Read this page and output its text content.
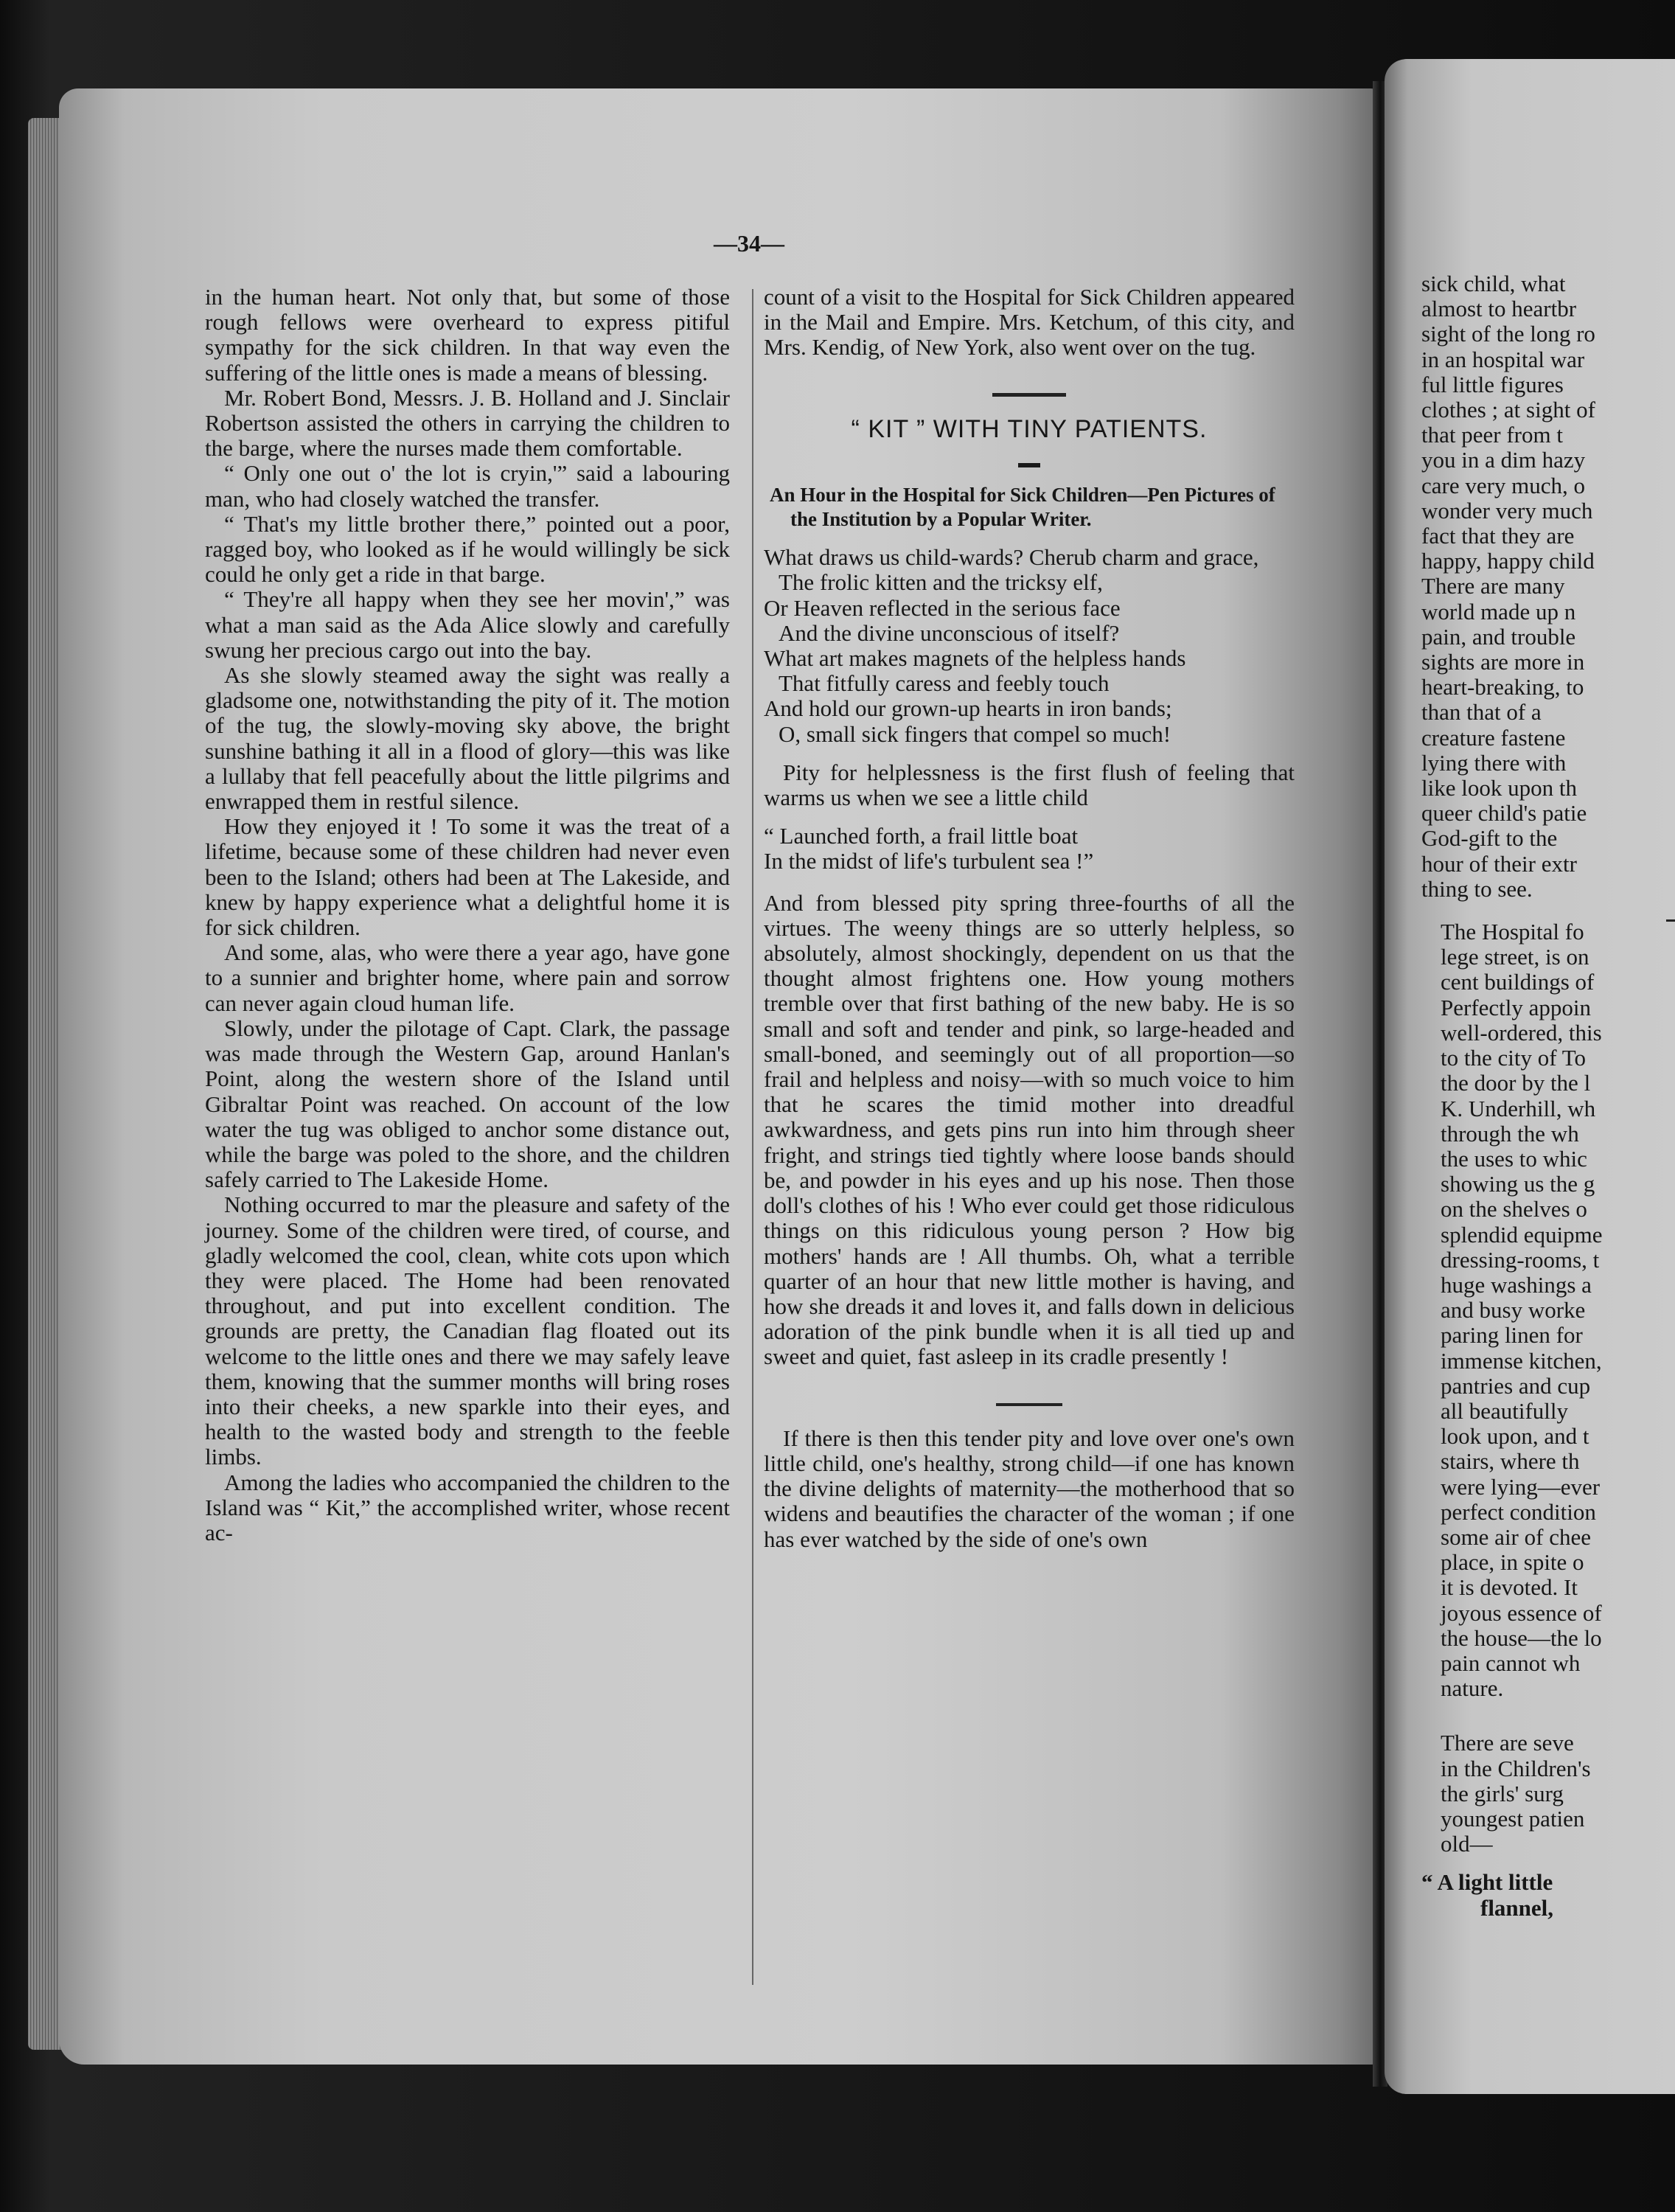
—34—

in the human heart. Not only that, but some of those rough fellows were overheard to express pitiful sympathy for the sick children. In that way even the suffering of the little ones is made a means of blessing.

Mr. Robert Bond, Messrs. J. B. Holland and J. Sinclair Robertson assisted the others in carrying the children to the barge, where the nurses made them comfortable.

“ Only one out o' the lot is cryin,'” said a labouring man, who had closely watched the transfer.

“ That's my little brother there,” pointed out a poor, ragged boy, who looked as if he would willingly be sick could he only get a ride in that barge.

“ They're all happy when they see her movin',” was what a man said as the Ada Alice slowly and carefully swung her precious cargo out into the bay.

As she slowly steamed away the sight was really a gladsome one, notwithstanding the pity of it. The motion of the tug, the slowly-moving sky above, the bright sunshine bathing it all in a flood of glory—this was like a lullaby that fell peacefully about the little pilgrims and enwrapped them in restful silence.

How they enjoyed it ! To some it was the treat of a lifetime, because some of these children had never even been to the Island; others had been at The Lakeside, and knew by happy experience what a delightful home it is for sick children.

And some, alas, who were there a year ago, have gone to a sunnier and brighter home, where pain and sorrow can never again cloud human life.

Slowly, under the pilotage of Capt. Clark, the passage was made through the Western Gap, around Hanlan's Point, along the western shore of the Island until Gibraltar Point was reached. On account of the low water the tug was obliged to anchor some distance out, while the barge was poled to the shore, and the children safely carried to The Lakeside Home.

Nothing occurred to mar the pleasure and safety of the journey. Some of the children were tired, of course, and gladly welcomed the cool, clean, white cots upon which they were placed. The Home had been renovated throughout, and put into excellent condition. The grounds are pretty, the Canadian flag floated out its welcome to the little ones and there we may safely leave them, knowing that the summer months will bring roses into their cheeks, a new sparkle into their eyes, and health to the wasted body and strength to the feeble limbs.

Among the ladies who accompanied the children to the Island was “ Kit,” the accomplished writer, whose recent ac-

count of a visit to the Hospital for Sick Children appeared in the Mail and Empire. Mrs. Ketchum, of this city, and Mrs. Kendig, of New York, also went over on the tug.

“ KIT ” WITH TINY PATIENTS.
An Hour in the Hospital for Sick Children—Pen Pictures of the Institution by a Popular Writer.
What draws us child-wards? Cherub charm and grace,
The frolic kitten and the tricksy elf,
Or Heaven reflected in the serious face
And the divine unconscious of itself?
What art makes magnets of the helpless hands
That fitfully caress and feebly touch
And hold our grown-up hearts in iron bands;
O, small sick fingers that compel so much!

Pity for helplessness is the first flush of feeling that warms us when we see a little child

“ Launched forth, a frail little boat
In the midst of life's turbulent sea !”

And from blessed pity spring three-fourths of all the virtues. The weeny things are so utterly helpless, so absolutely, almost shockingly, dependent on us that the thought almost frightens one. How young mothers tremble over that first bathing of the new baby. He is so small and soft and tender and pink, so large-headed and small-boned, and seemingly out of all proportion—so frail and helpless and noisy—with so much voice to him that he scares the timid mother into dreadful awkwardness, and gets pins run into him through sheer fright, and strings tied tightly where loose bands should be, and powder in his eyes and up his nose. Then those doll's clothes of his ! Who ever could get those ridiculous things on this ridiculous young person ? How big mothers' hands are ! All thumbs. Oh, what a terrible quarter of an hour that new little mother is having, and how she dreads it and loves it, and falls down in delicious adoration of the pink bundle when it is all tied up and sweet and quiet, fast asleep in its cradle presently !

If there is then this tender pity and love over one's own little child, one's healthy, strong child—if one has known the divine delights of maternity—the motherhood that so widens and beautifies the character of the woman ; if one has ever watched by the side of one's own

sick child, what
almost to heartbr
sight of the long ro
in an hospital war
ful little figures
clothes ; at sight of
that peer from t
you in a dim hazy
care very much, o
wonder very much
fact that they are
happy, happy child
There are many
world made up n
pain, and trouble
sights are more in
heart-breaking, to
than that of a
creature fastene
lying there with
like look upon th
queer child's patie
God-gift to the
hour of their extr
thing to see.
The Hospital fo
lege street, is on
cent buildings of
Perfectly appoin
well-ordered, this
to the city of To
the door by the l
K. Underhill, wh
through the wh
the uses to whic
showing us the g
on the shelves o
splendid equipme
dressing-rooms, t
huge washings a
and busy worke
paring linen for
immense kitchen,
pantries and cup
all beautifully
look upon, and t
stairs, where th
were lying—ever
perfect condition
some air of chee
place, in spite o
it is devoted. It
joyous essence of
the house—the lo
pain cannot wh
nature.
There are seve
in the Children's
the girls' surg
youngest patien
old—
“ A light little
flannel,
